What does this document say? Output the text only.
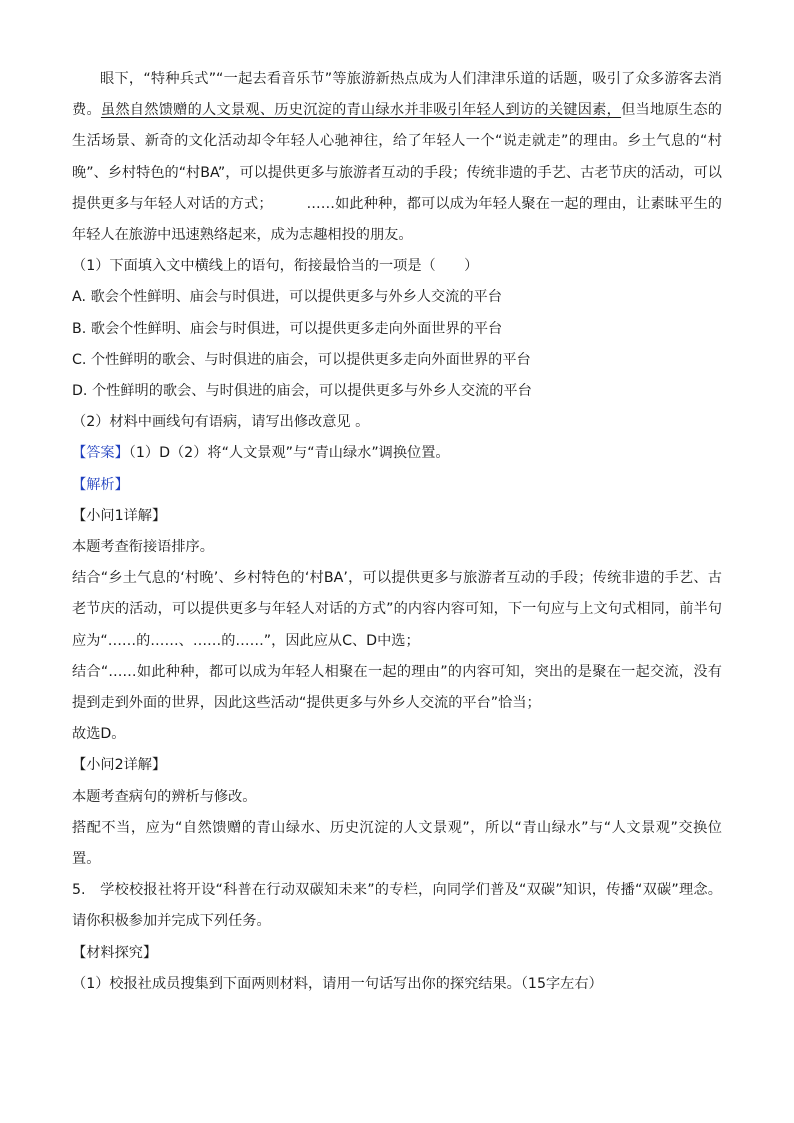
眼下，“特种兵式”“一起去看音乐节”等旅游新热点成为人们津津乐道的话题，吸引了众多游客去消费。虽然自然馈赠的人文景观、历史沉淀的青山绿水并非吸引年轻人到访的关键因素，但当地原生态的生活场景、新奇的文化活动却令年轻人心驰神往，给了年轻人一个“说走就走”的理由。乡土气息的“村晚”、乡村特色的“村BA”，可以提供更多与旅游者互动的手段；传统非遗的手艺、古老节庆的活动，可以提供更多与年轻人对话的方式； ……如此种种，都可以成为年轻人聚在一起的理由，让素昧平生的年轻人在旅游中迅速熟络起来，成为志趣相投的朋友。

（1）下面填入文中横线上的语句，衔接最恰当的一项是（　　）

A. 歌会个性鲜明、庙会与时俱进，可以提供更多与外乡人交流的平台

B. 歌会个性鲜明、庙会与时俱进，可以提供更多走向外面世界的平台

C. 个性鲜明的歌会、与时俱进的庙会，可以提供更多走向外面世界的平台

D. 个性鲜明的歌会、与时俱进的庙会，可以提供更多与外乡人交流的平台

（2）材料中画线句有语病，请写出修改意见 。

【答案】（1）D（2）将“人文景观”与“青山绿水”调换位置。

【解析】

【小问1详解】

本题考查衔接语排序。

结合“乡土气息的‘村晚’、乡村特色的‘村BA’，可以提供更多与旅游者互动的手段；传统非遗的手艺、古老节庆的活动，可以提供更多与年轻人对话的方式”的内容内容可知，下一句应与上文句式相同，前半句应为“……的……、……的……”，因此应从C、D中选；

结合“……如此种种，都可以成为年轻人相聚在一起的理由”的内容可知，突出的是聚在一起交流，没有提到走到外面的世界，因此这些活动“提供更多与外乡人交流的平台”恰当；

故选D。

【小问2详解】

本题考查病句的辨析与修改。

搭配不当，应为“自然馈赠的青山绿水、历史沉淀的人文景观”，所以“青山绿水”与“人文景观”交换位置。

5.　学校校报社将开设“科普在行动双碳知未来”的专栏，向同学们普及“双碳”知识，传播“双碳”理念。请你积极参加并完成下列任务。

【材料探究】

（1）校报社成员搜集到下面两则材料，请用一句话写出你的探究结果。（15字左右）
